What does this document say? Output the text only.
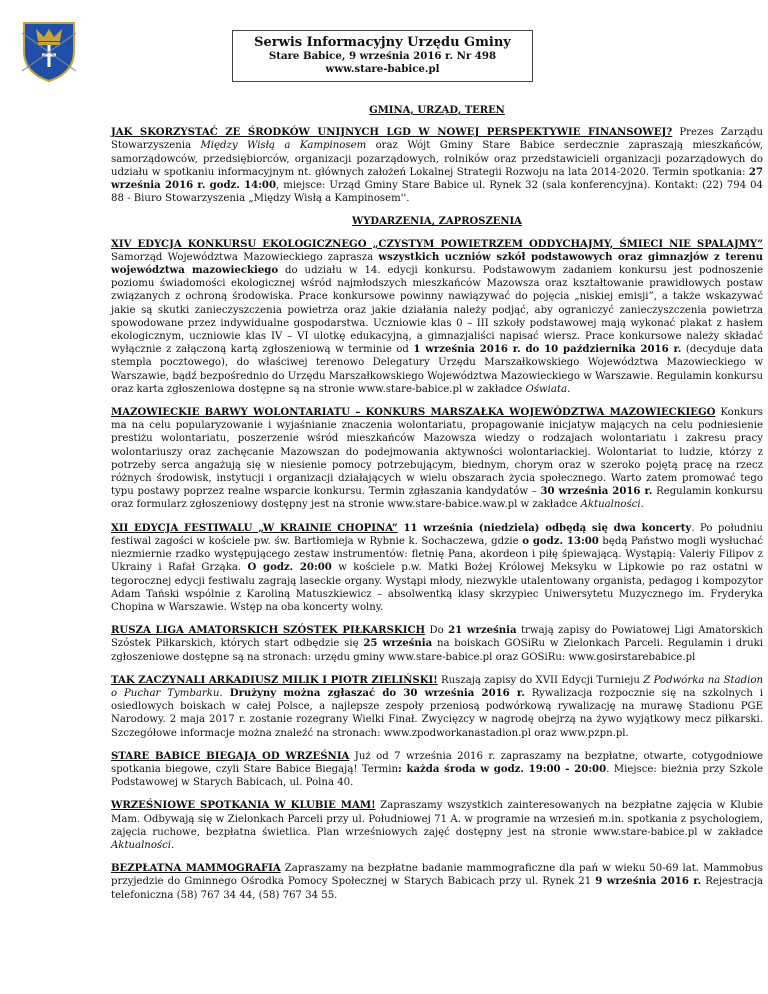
Serwis Informacyjny Urzędu Gminy
Stare Babice, 9 września 2016 r. Nr 498
www.stare-babice.pl
GMINA, URZĄD, TEREN

JAK SKORZYSTAĆ ZE ŚRODKÓW UNIJNYCH LGD W NOWEJ PERSPEKTYWIE FINANSOWEJ? Prezes Zarządu Stowarzyszenia Między Wisłą a Kampinosem oraz Wójt Gminy Stare Babice serdecznie zapraszają mieszkańców, samorządowców, przedsiębiorców, organizacji pozarządowych, rolników oraz przedstawicieli organizacji pozarządowych do udziału w spotkaniu informacyjnym nt. głównych założeń Lokalnej Strategii Rozwoju na lata 2014-2020. Termin spotkania: 27 września 2016 r. godz. 14:00, miejsce: Urząd Gminy Stare Babice ul. Rynek 32 (sala konferencyjna). Kontakt: (22) 794 04 88 - Biuro Stowarzyszenia „Między Wisłą a Kampinosem''.

WYDARZENIA, ZAPROSZENIA

XIV EDYCJA KONKURSU EKOLOGICZNEGO „CZYSTYM POWIETRZEM ODDYCHAJMY, ŚMIECI NIE SPALAJMY” Samorząd Województwa Mazowieckiego zaprasza wszystkich uczniów szkół podstawowych oraz gimnazjów z terenu województwa mazowieckiego do udziału w 14. edycji konkursu. Podstawowym zadaniem konkursu jest podnoszenie poziomu świadomości ekologicznej wśród najmłodszych mieszkańców Mazowsza oraz kształtowanie prawidłowych postaw związanych z ochroną środowiska. Prace konkursowe powinny nawiązywać do pojęcia „niskiej emisji”, a także wskazywać jakie są skutki zanieczyszczenia powietrza oraz jakie działania należy podjąć, aby ograniczyć zanieczyszczenia powietrza spowodowane przez indywidualne gospodarstwa. Uczniowie klas 0 – III szkoły podstawowej mają wykonać plakat z hasłem ekologicznym, uczniowie klas IV – VI ulotkę edukacyjną, a gimnazjaliści napisać wiersz. Prace konkursowe należy składać wyłącznie z załączoną kartą zgłoszeniową w terminie od 1 września 2016 r. do 10 października 2016 r. (decyduje data stempla pocztowego), do właściwej terenowo Delegatury Urzędu Marszałkowskiego Województwa Mazowieckiego w Warszawie, bądź bezpośrednio do Urzędu Marszałkowskiego Województwa Mazowieckiego w Warszawie. Regulamin konkursu oraz karta zgłoszeniowa dostępne są na stronie www.stare-babice.pl w zakładce Oświata.

MAZOWIECKIE BARWY WOLONTARIATU – KONKURS MARSZAŁKA WOJEWÓDZTWA MAZOWIECKIEGO Konkurs ma na celu popularyzowanie i wyjaśnianie znaczenia wolontariatu, propagowanie inicjatyw mających na celu podniesienie prestiżu wolontariatu, poszerzenie wśród mieszkańców Mazowsza wiedzy o rodzajach wolontariatu i zakresu pracy wolontariuszy oraz zachęcanie Mazowszan do podejmowania aktywności wolontariackiej. Wolontariat to ludzie, którzy z potrzeby serca angażują się w niesienie pomocy potrzebującym, biednym, chorym oraz w szeroko pojętą pracę na rzecz różnych środowisk, instytucji i organizacji działających w wielu obszarach życia społecznego. Warto zatem promować tego typu postawy poprzez realne wsparcie konkursu. Termin zgłaszania kandydatów – 30 września 2016 r. Regulamin konkursu oraz formularz zgłoszeniowy dostępny jest na stronie www.stare-babice.waw.pl w zakładce Aktualności.

XII EDYCJA FESTIWALU „W KRAINIE CHOPINA” 11 września (niedziela) odbędą się dwa koncerty. Po południu festiwal zagości w kościele pw. św. Bartłomieja w Rybnie k. Sochaczewa, gdzie o godz. 13:00 będą Państwo mogli wysłuchać niezmiernie rzadko występującego zestaw instrumentów: fletnię Pana, akordeon i piłę śpiewającą. Wystąpią: Valeriy Filipov z Ukrainy i Rafał Grząka. O godz. 20:00 w kościele p.w. Matki Bożej Królowej Meksyku w Lipkowie po raz ostatni w tegorocznej edycji festiwalu zagrają laseckie organy. Wystąpi młody, niezwykle utalentowany organista, pedagog i kompozytor Adam Tański wspólnie z Karoliną Matuszkiewicz – absolwentką klasy skrzypiec Uniwersytetu Muzycznego im. Fryderyka Chopina w Warszawie. Wstęp na oba koncerty wolny.

RUSZA LIGA AMATORSKICH SZÓSTEK PIŁKARSKICH Do 21 września trwają zapisy do Powiatowej Ligi Amatorskich Szóstek Piłkarskich, których start odbędzie się 25 września na boiskach GOSiRu w Zielonkach Parceli. Regulamin i druki zgłoszeniowe dostępne są na stronach: urzędu gminy www.stare-babice.pl oraz GOSiRu: www.gosirstarebabice.pl

TAK ZACZYNALI ARKADIUSZ MILIK I PIOTR ZIELIŃSKI! Ruszają zapisy do XVII Edycji Turnieju Z Podwórka na Stadion o Puchar Tymbarku. Drużyny można zgłaszać do 30 września 2016 r. Rywalizacja rozpocznie się na szkolnych i osiedlowych boiskach w całej Polsce, a najlepsze zespoły przeniosą podwórkową rywalizację na murawę Stadionu PGE Narodowy. 2 maja 2017 r. zostanie rozegrany Wielki Finał. Zwycięzcy w nagrodę obejrzą na żywo wyjątkowy mecz piłkarski. Szczegółowe informacje można znaleźć na stronach: www.zpodworkanastadion.pl oraz www.pzpn.pl.

STARE BABICE BIEGAJĄ OD WRZEŚNIA Już od 7 września 2016 r. zapraszamy na bezpłatne, otwarte, cotygodniowe spotkania biegowe, czyli Stare Babice Biegają! Termin: każda środa w godz. 19:00 - 20:00. Miejsce: bieżnia przy Szkole Podstawowej w Starych Babicach, ul. Polna 40.

WRZEŚNIOWE SPOTKANIA W KLUBIE MAM! Zapraszamy wszystkich zainteresowanych na bezpłatne zajęcia w Klubie Mam. Odbywają się w Zielonkach Parceli przy ul. Południowej 71 A. w programie na wrzesień m.in. spotkania z psychologiem, zajęcia ruchowe, bezpłatna świetlica. Plan wrześniowych zajęć dostępny jest na stronie www.stare-babice.pl w zakładce Aktualności.

BEZPŁATNA MAMMOGRAFIA Zapraszamy na bezpłatne badanie mammograficzne dla pań w wieku 50-69 lat. Mammobus przyjedzie do Gminnego Ośrodka Pomocy Społecznej w Starych Babicach przy ul. Rynek 21 9 września 2016 r. Rejestracja telefoniczna (58) 767 34 44, (58) 767 34 55.
